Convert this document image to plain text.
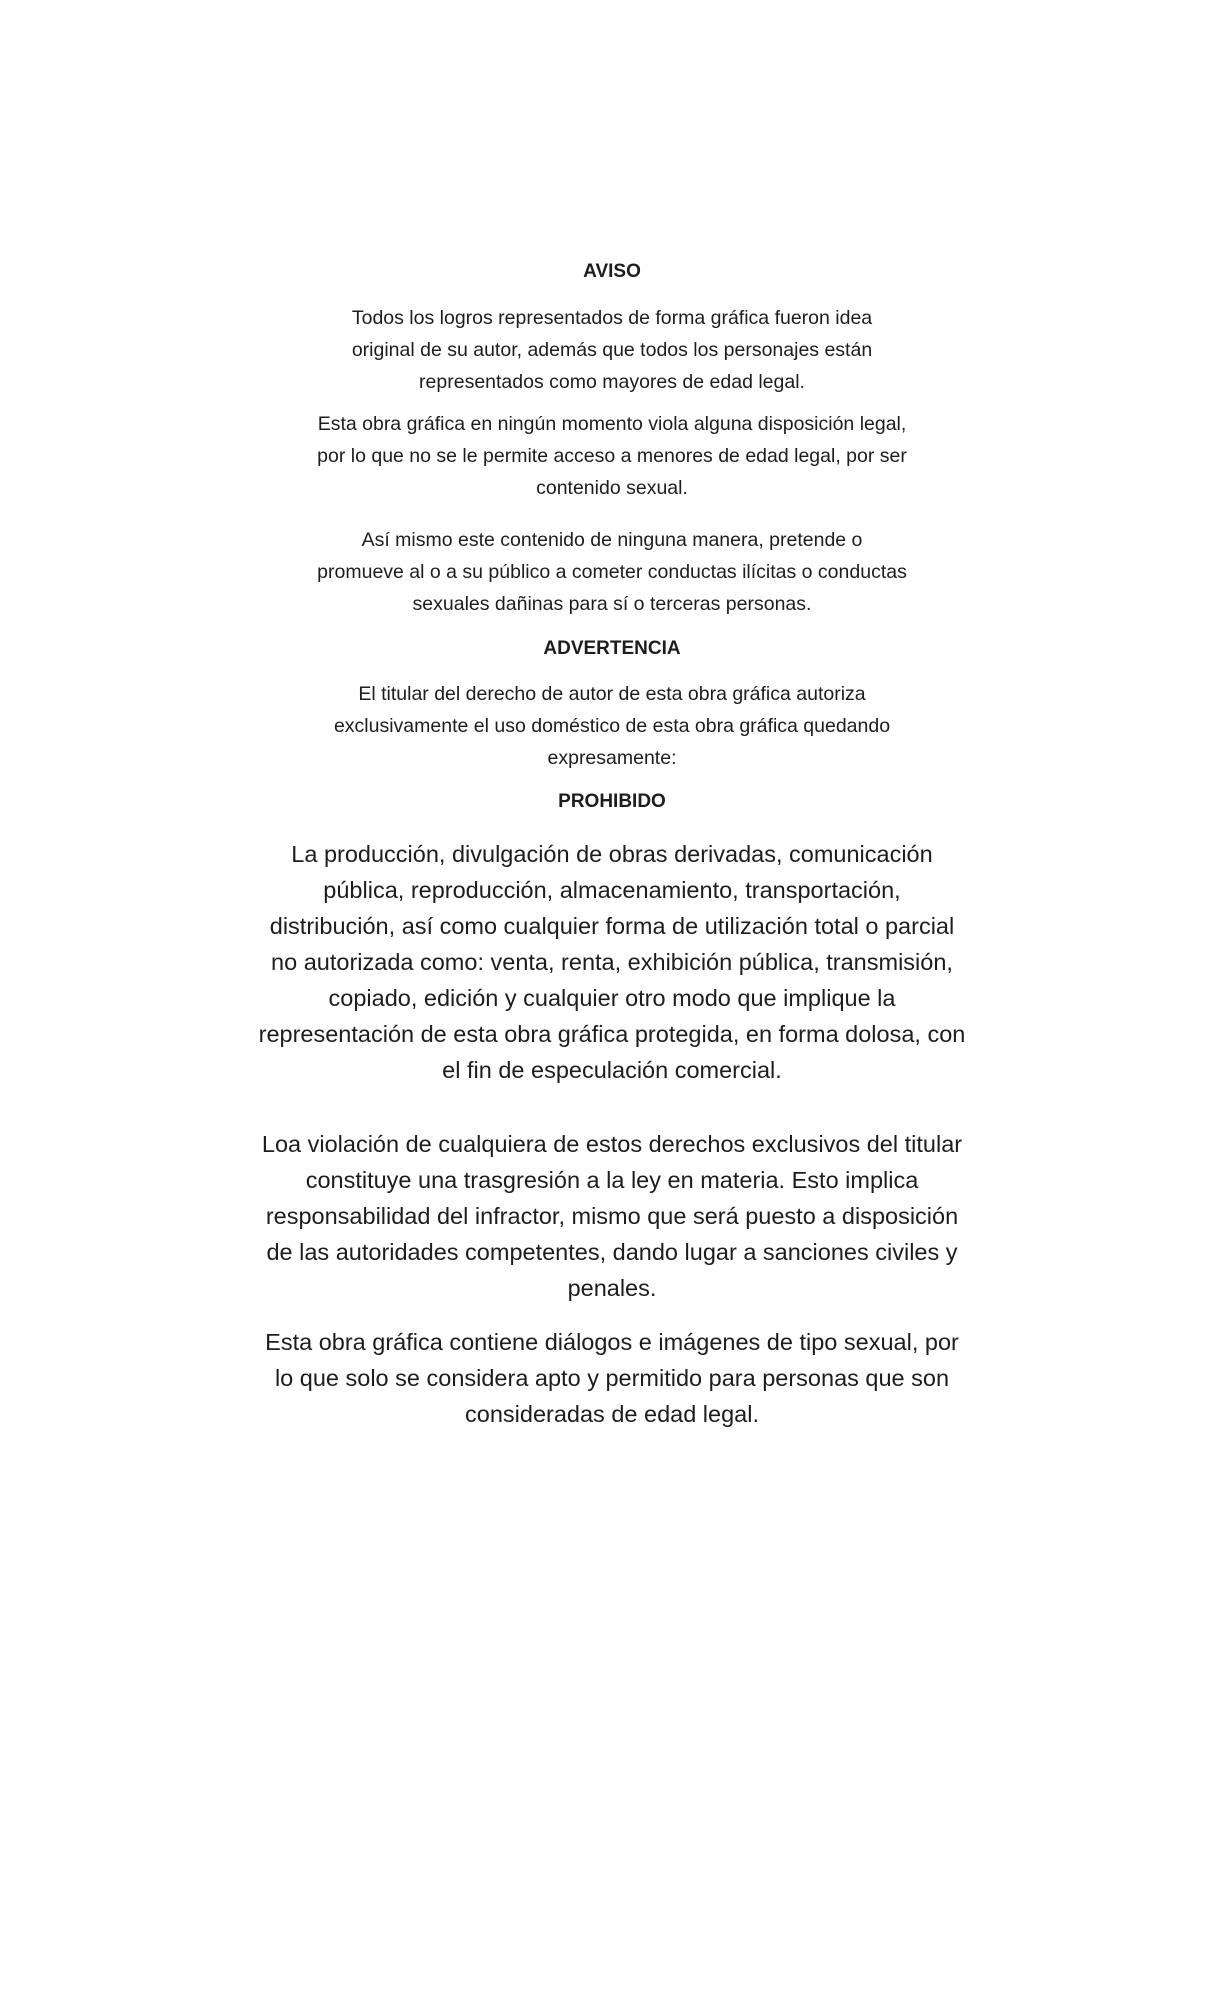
AVISO
Todos los logros representados de forma gráfica fueron idea
original de su autor, además que todos los personajes están
representados como mayores de edad legal.
Esta obra gráfica en ningún momento viola alguna disposición legal,
por lo que no se le permite acceso a menores de edad legal, por ser
contenido sexual.
Así mismo este contenido de ninguna manera, pretende o
promueve al o a su público a cometer conductas ilícitas o conductas
sexuales dañinas para sí o terceras personas.
ADVERTENCIA
El titular del derecho de autor de esta obra gráfica autoriza
exclusivamente el uso doméstico de esta obra gráfica quedando
expresamente:
PROHIBIDO
La producción, divulgación de obras derivadas, comunicación
pública, reproducción, almacenamiento, transportación,
distribución, así como cualquier forma de utilización total o parcial
no autorizada como: venta, renta, exhibición pública, transmisión,
copiado, edición y cualquier otro modo que implique la
representación de esta obra gráfica protegida, en forma dolosa, con
el fin de especulación comercial.
Loa violación de cualquiera de estos derechos exclusivos del titular
constituye una trasgresión a la ley en materia. Esto implica
responsabilidad del infractor, mismo que será puesto a disposición
de las autoridades competentes, dando lugar a sanciones civiles y
penales.
Esta obra gráfica contiene diálogos e imágenes de tipo sexual, por
lo que solo se considera apto y permitido para personas que son
consideradas de edad legal.
